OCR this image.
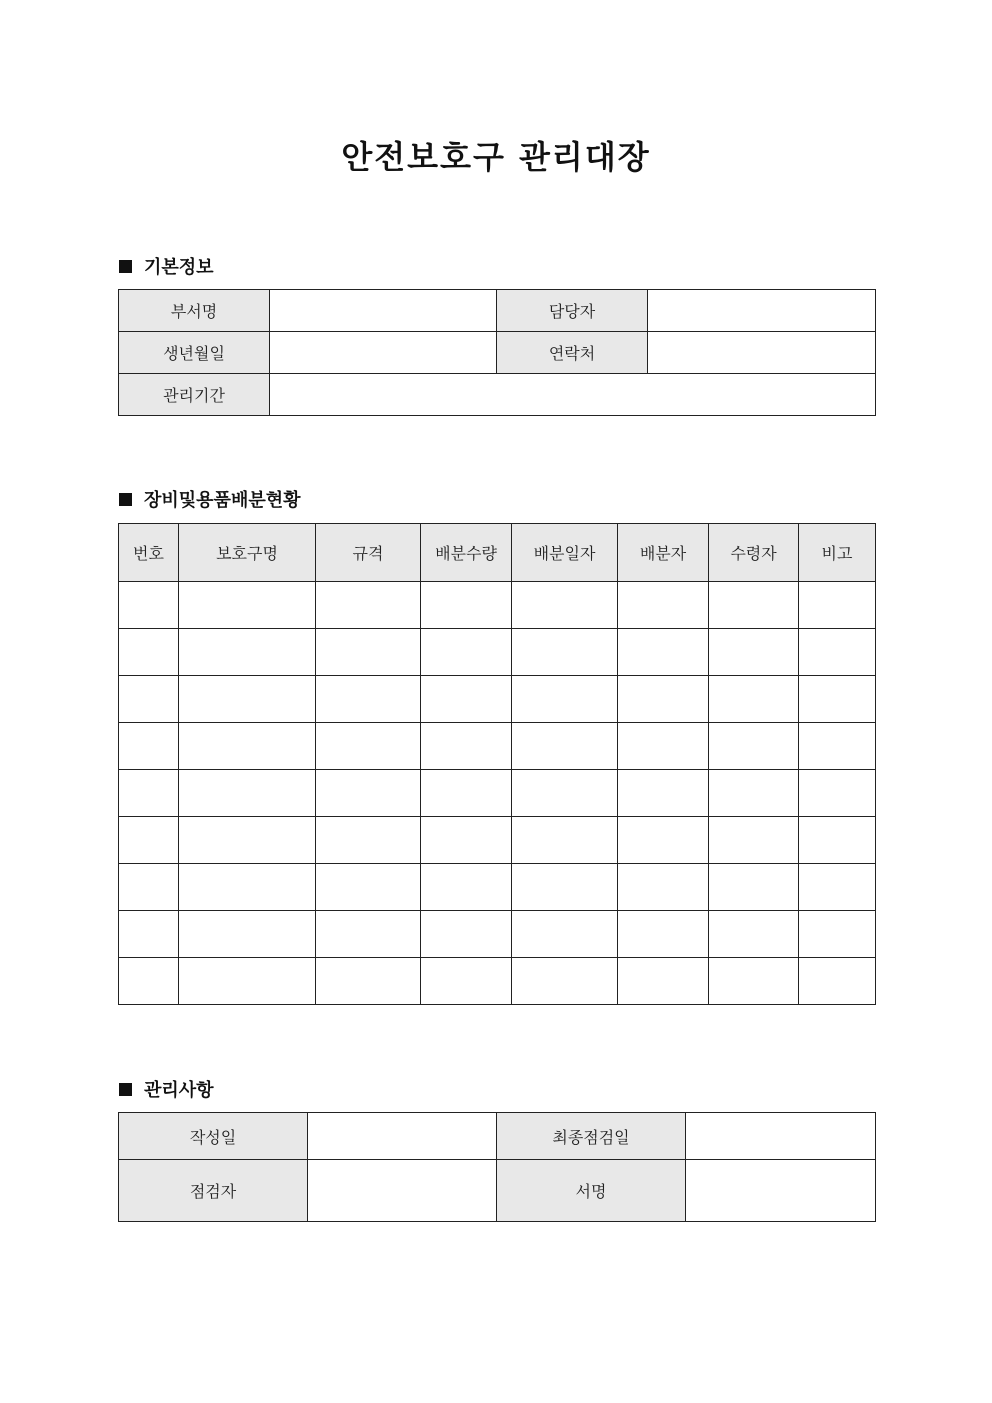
안전보호구 관리대장
기본정보
부서명		담당자	
생년월일		연락처	
관리기간			
장비및용품배분현황
번호	보호구명	규격	배분수량	배분일자	배분자	수령자	비고

관리사항
작성일		최종점검일	
점검자		서명	
